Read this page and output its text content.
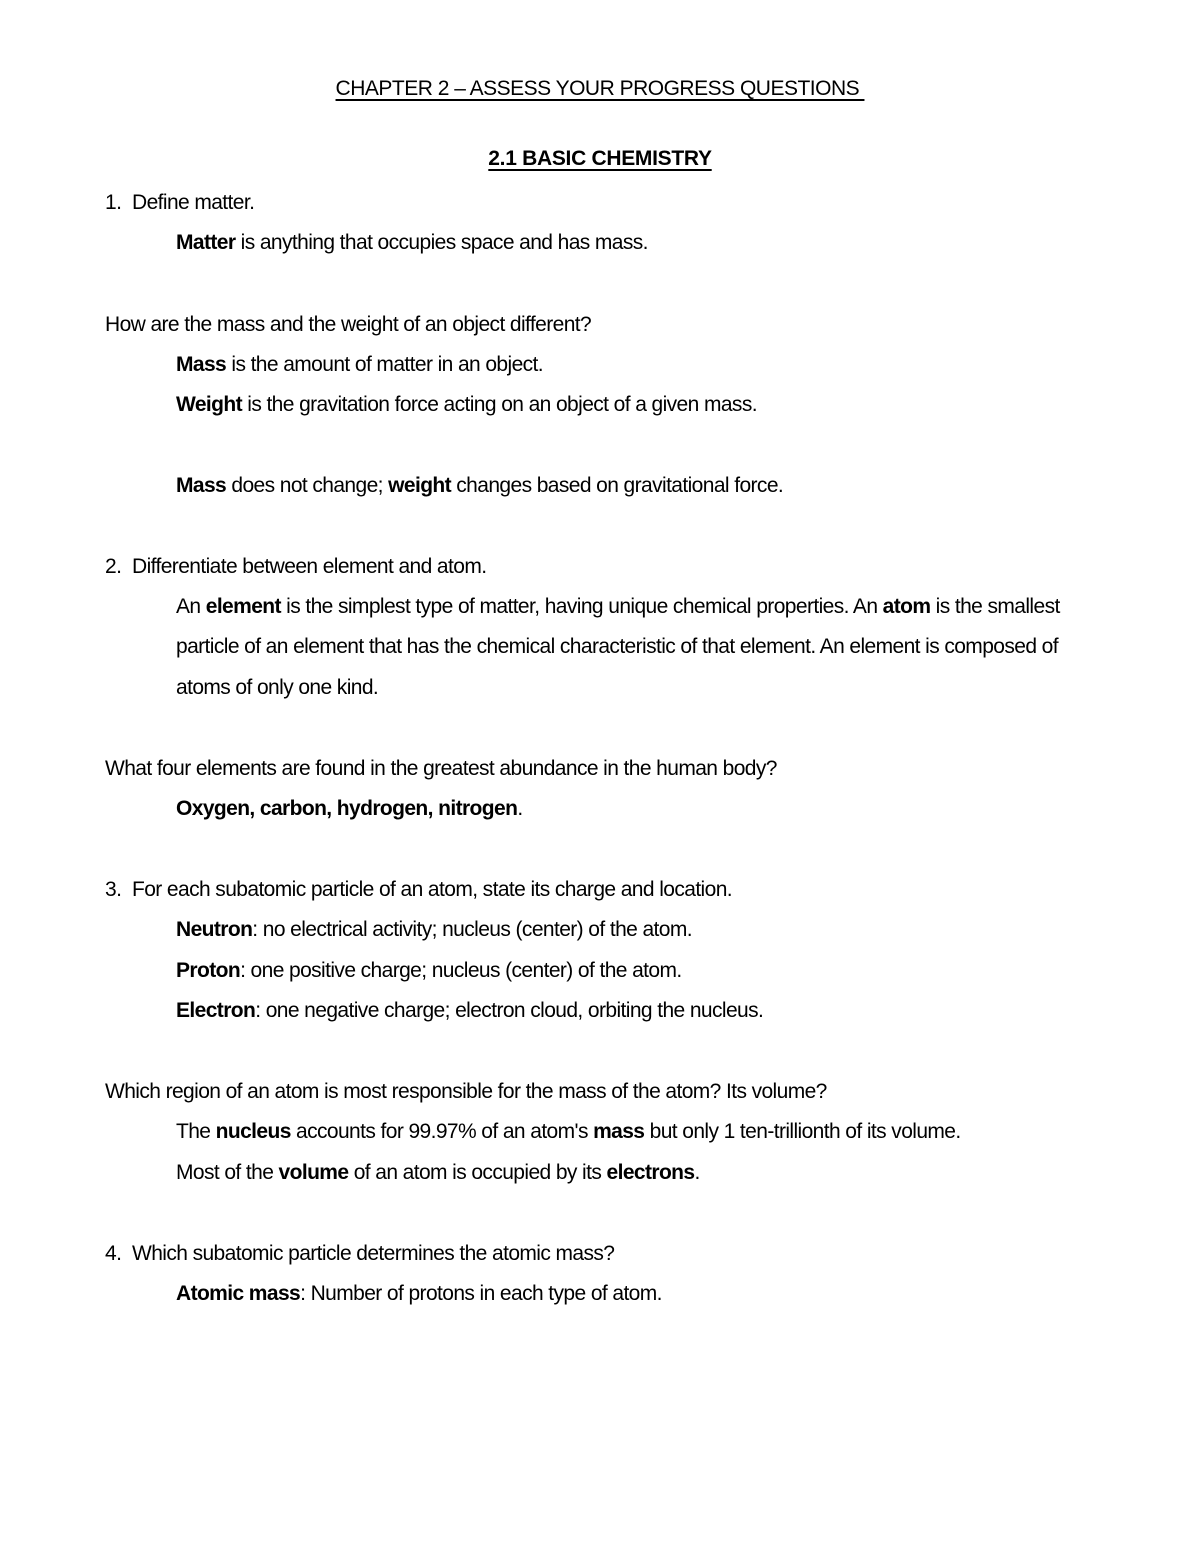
CHAPTER 2 – ASSESS YOUR PROGRESS QUESTIONS
2.1 BASIC CHEMISTRY
1. Define matter.
Matter is anything that occupies space and has mass.
How are the mass and the weight of an object different?
Mass is the amount of matter in an object.
Weight is the gravitation force acting on an object of a given mass.
Mass does not change; weight changes based on gravitational force.
2. Differentiate between element and atom.
An element is the simplest type of matter, having unique chemical properties. An atom is the smallest
particle of an element that has the chemical characteristic of that element. An element is composed of
atoms of only one kind.
What four elements are found in the greatest abundance in the human body?
Oxygen, carbon, hydrogen, nitrogen.
3. For each subatomic particle of an atom, state its charge and location.
Neutron: no electrical activity; nucleus (center) of the atom.
Proton: one positive charge; nucleus (center) of the atom.
Electron: one negative charge; electron cloud, orbiting the nucleus.
Which region of an atom is most responsible for the mass of the atom? Its volume?
The nucleus accounts for 99.97% of an atom's mass but only 1 ten-trillionth of its volume.
Most of the volume of an atom is occupied by its electrons.
4. Which subatomic particle determines the atomic mass?
Atomic mass: Number of protons in each type of atom.
